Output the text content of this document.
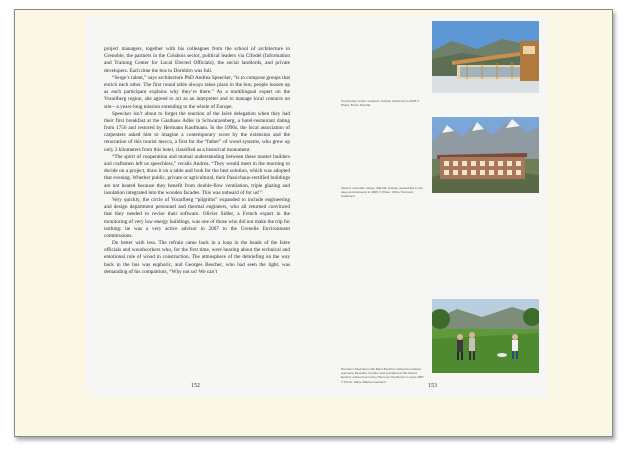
project managers, together with his colleagues from the school of architecture in Grenoble, the partners in the Créabois sector, political leaders via Cifodel (Information and Training Center for Local Elected Officials), the social landlords, and private developers. Each time the bus to Dornbirn was full.

“Serge’s talent,” says architecture PhD Andrea Speecker, “is to compose groups that enrich each other. The first round table always takes place in the bus; people loosen up as each participant explains why they’re there.” As a multilingual expert on the Vorarlberg region, she agreed to act as an interpreter and to manage local contacts on site—a years-long mission extending to the whole of Europe.

Speecker isn’t about to forget the reaction of the Isère delegation when they had their first breakfast at the Gasthaus Adler in Schwarzenberg, a hotel-restaurant dating from 1756 and restored by Hermann Kaufmann. In the 1990s, the local association of carpenters asked him to imagine a contemporary score by the extension and the renovation of this tourist mecca, a first for the “father” of wood systems, who grew up only 3 kilometers from this hotel, classified as a historical monument.

“The spirit of cooperation and mutual understanding between these master builders and craftsmen left us speechless,” recalls Andrea. “They would meet in the morning to decide on a project, draw it on a table and look for the best solution, which was adopted that evening. Whether public, private or agricultural, their Passivhaus-certified buildings are not heated because they benefit from double-flow ventilation, triple glazing and insulation integrated into the wooden facades. This was unheard of for us!”

Very quickly, the circle of Vorarlberg “pilgrims” expanded to include engineering and design department personnel and thermal engineers, who all returned convinced that they needed to revise their software. Olivier Sidler, a French expert in the monitoring of very low energy buildings, was one of those who did not make the trip for nothing: he was a very active advisor in 2007 to the Grenelle Environment commissions.

Do better with less. The refrain came back in a loop in the heads of the Isère officials and woodworkers who, for the first time, were hearing about the technical and emotional role of wood in construction. The atmosphere of the debriefing on the way back in the bus was euphoric, and Georges Bescher, who had seen the light, was demanding of his compatriots, “Why not us! We can’t

152	153
Community center, Ludesch, Austria. Delivered in 2005 © Photo: Bruno Klomfar
Olperer mountain refuge, Zillertal, Austria, assembled in two days and delivered in 2008 © Photo: Office Hermann Kaufmann
Hermann Kaufmann with Ellen Bescher, Rebecca Lockard and Irène Reveillet, founder and president of the Grand Ecrand, school tour led by Hermann Kaufmann in June 2007 © Photo: Marie-Hélène Lienhard
